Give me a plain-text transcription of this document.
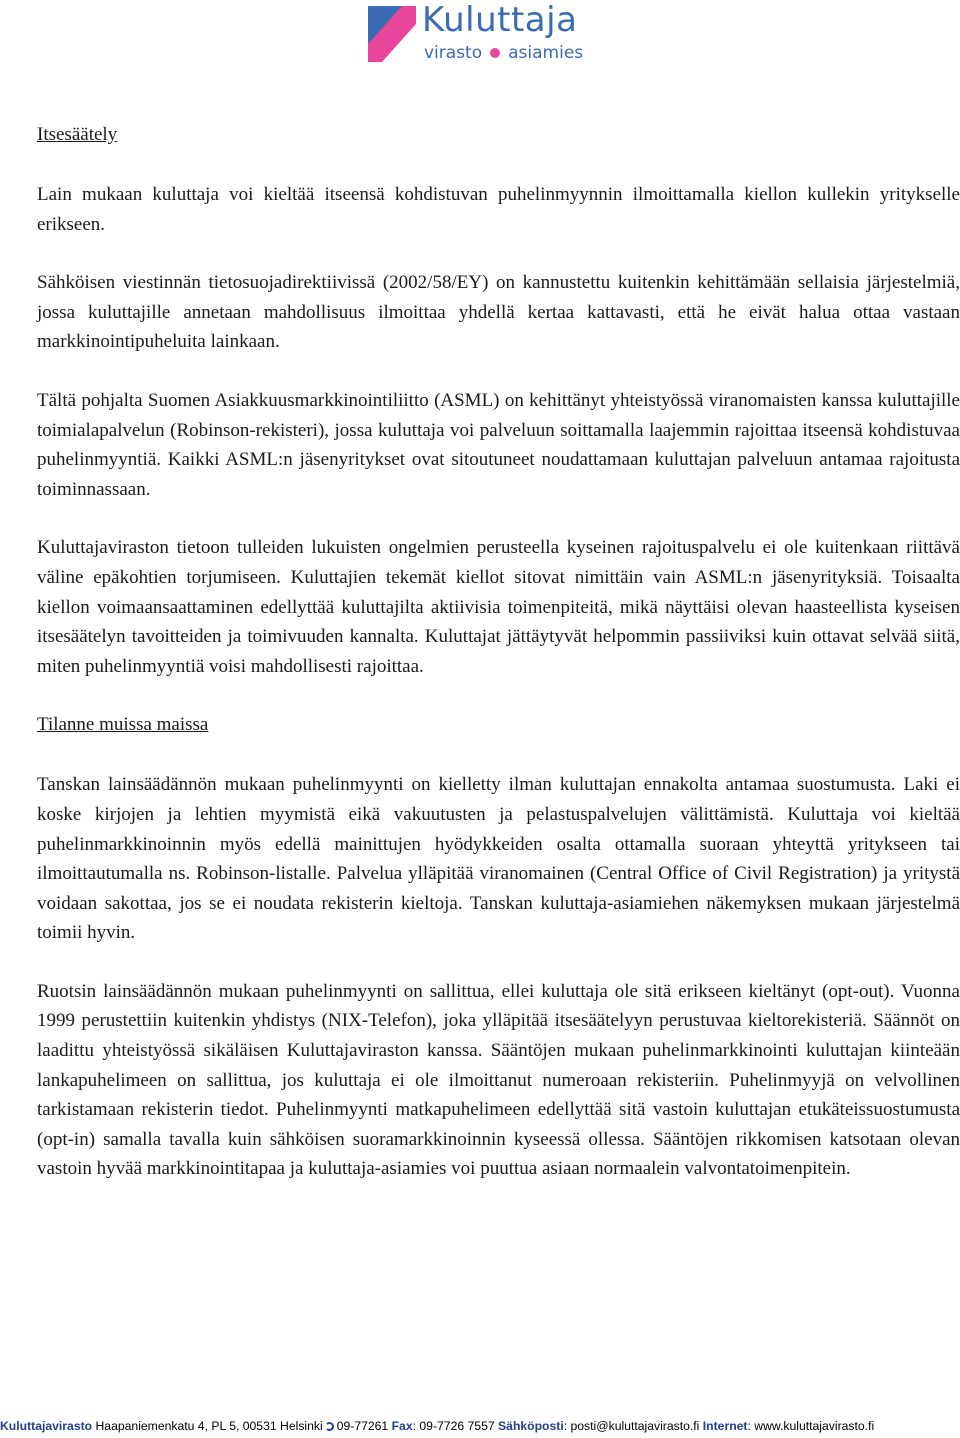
Kuluttaja
virasto asiamies
Itsesäätely

Lain mukaan kuluttaja voi kieltää itseensä kohdistuvan puhelinmyynnin ilmoittamalla kiellon kullekin yritykselle erikseen.

Sähköisen viestinnän tietosuojadirektiivissä (2002/58/EY) on kannustettu kuitenkin kehittämään sellaisia järjestelmiä, jossa kuluttajille annetaan mahdollisuus ilmoittaa yhdellä kertaa kattavasti, että he eivät halua ottaa vastaan markkinointipuheluita lainkaan.

Tältä pohjalta Suomen Asiakkuusmarkkinointiliitto (ASML) on kehittänyt yhteistyössä viranomaisten kanssa kuluttajille toimialapalvelun (Robinson-rekisteri), jossa kuluttaja voi palveluun soittamalla laajemmin rajoittaa itseensä kohdistuvaa puhelinmyyntiä. Kaikki ASML:n jäsenyritykset ovat sitoutuneet noudattamaan kuluttajan palveluun antamaa rajoitusta toiminnassaan.

Kuluttajaviraston tietoon tulleiden lukuisten ongelmien perusteella kyseinen rajoituspalvelu ei ole kuitenkaan riittävä väline epäkohtien torjumiseen. Kuluttajien tekemät kiellot sitovat nimittäin vain ASML:n jäsenyrityksiä. Toisaalta kiellon voimaansaattaminen edellyttää kuluttajilta aktiivisia toimenpiteitä, mikä näyttäisi olevan haasteellista kyseisen itsesäätelyn tavoitteiden ja toimivuuden kannalta. Kuluttajat jättäytyvät helpommin passiiviksi kuin ottavat selvää siitä, miten puhelinmyyntiä voisi mahdollisesti rajoittaa.

Tilanne muissa maissa

Tanskan lainsäädännön mukaan puhelinmyynti on kielletty ilman kuluttajan ennakolta antamaa suostumusta. Laki ei koske kirjojen ja lehtien myymistä eikä vakuutusten ja pelastuspalvelujen välittämistä. Kuluttaja voi kieltää puhelinmarkkinoinnin myös edellä mainittujen hyödykkeiden osalta ottamalla suoraan yhteyttä yritykseen tai ilmoittautumalla ns. Robinson-listalle. Palvelua ylläpitää viranomainen (Central Office of Civil Registration) ja yritystä voidaan sakottaa, jos se ei noudata rekisterin kieltoja. Tanskan kuluttaja-asiamiehen näkemyksen mukaan järjestelmä toimii hyvin.

Ruotsin lainsäädännön mukaan puhelinmyynti on sallittua, ellei kuluttaja ole sitä erikseen kieltänyt (opt-out). Vuonna 1999 perustettiin kuitenkin yhdistys (NIX-Telefon), joka ylläpitää itsesäätelyyn perustuvaa kieltorekisteriä. Säännöt on laadittu yhteistyössä sikäläisen Kuluttajaviraston kanssa. Sääntöjen mukaan puhelinmarkkinointi kuluttajan kiinteään lankapuhelimeen on sallittua, jos kuluttaja ei ole ilmoittanut numeroaan rekisteriin. Puhelinmyyjä on velvollinen tarkistamaan rekisterin tiedot. Puhelinmyynti matkapuhelimeen edellyttää sitä vastoin kuluttajan etukäteissuostumusta (opt-in) samalla tavalla kuin sähköisen suoramarkkinoinnin kyseessä ollessa. Sääntöjen rikkomisen katsotaan olevan vastoin hyvää markkinointitapaa ja kuluttaja-asiamies voi puuttua asiaan normaalein valvontatoimenpitein.

Kuluttajavirasto Haapaniemenkatu 4, PL 5, 00531 Helsinki 09-77261 Fax: 09-7726 7557 Sähköposti: posti@kuluttajavirasto.fi Internet: www.kuluttajavirasto.fi
